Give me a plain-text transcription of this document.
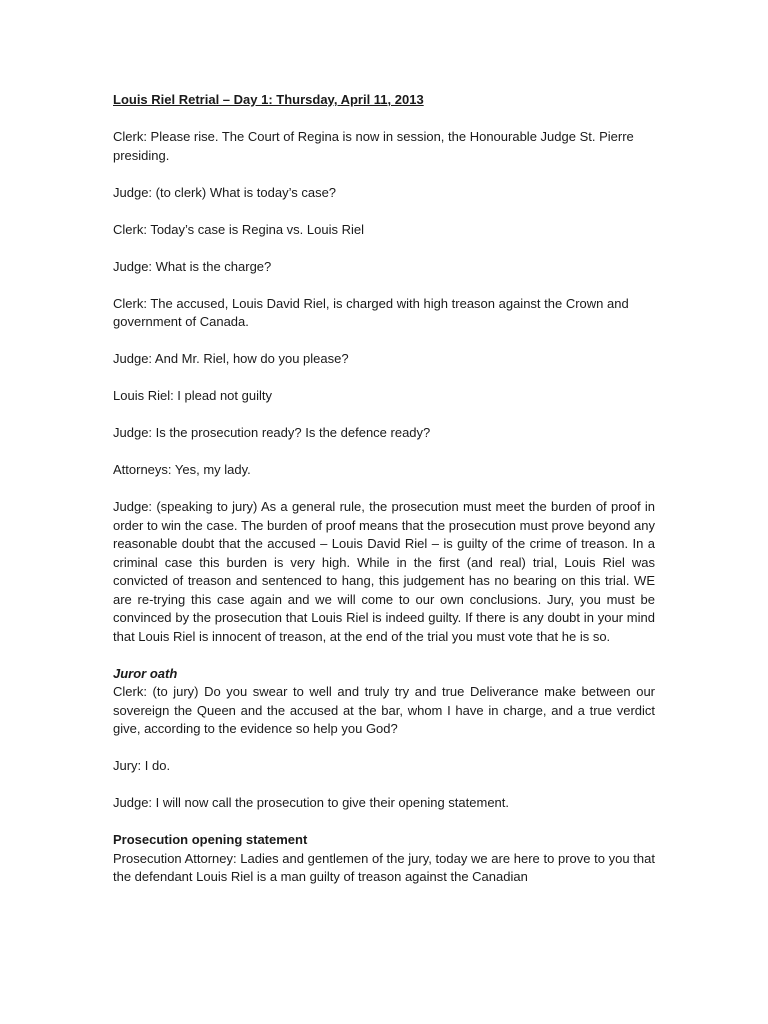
Louis Riel Retrial – Day 1: Thursday, April 11, 2013

Clerk: Please rise. The Court of Regina is now in session, the Honourable Judge St. Pierre presiding.

Judge: (to clerk) What is today’s case?

Clerk: Today’s case is Regina vs. Louis Riel

Judge: What is the charge?

Clerk: The accused, Louis David Riel, is charged with high treason against the Crown and government of Canada.

Judge: And Mr. Riel, how do you please?

Louis Riel: I plead not guilty

Judge: Is the prosecution ready? Is the defence ready?

Attorneys: Yes, my lady.

Judge: (speaking to jury) As a general rule, the prosecution must meet the burden of proof in order to win the case. The burden of proof means that the prosecution must prove beyond any reasonable doubt that the accused – Louis David Riel – is guilty of the crime of treason. In a criminal case this burden is very high. While in the first (and real) trial, Louis Riel was convicted of treason and sentenced to hang, this judgement has no bearing on this trial. WE are re-trying this case again and we will come to our own conclusions. Jury, you must be convinced by the prosecution that Louis Riel is indeed guilty. If there is any doubt in your mind that Louis Riel is innocent of treason, at the end of the trial you must vote that he is so.

Juror oath

Clerk: (to jury) Do you swear to well and truly try and true Deliverance make between our sovereign the Queen and the accused at the bar, whom I have in charge, and a true verdict give, according to the evidence so help you God?

Jury: I do.

Judge: I will now call the prosecution to give their opening statement.

Prosecution opening statement

Prosecution Attorney: Ladies and gentlemen of the jury, today we are here to prove to you that the defendant Louis Riel is a man guilty of treason against the Canadian
